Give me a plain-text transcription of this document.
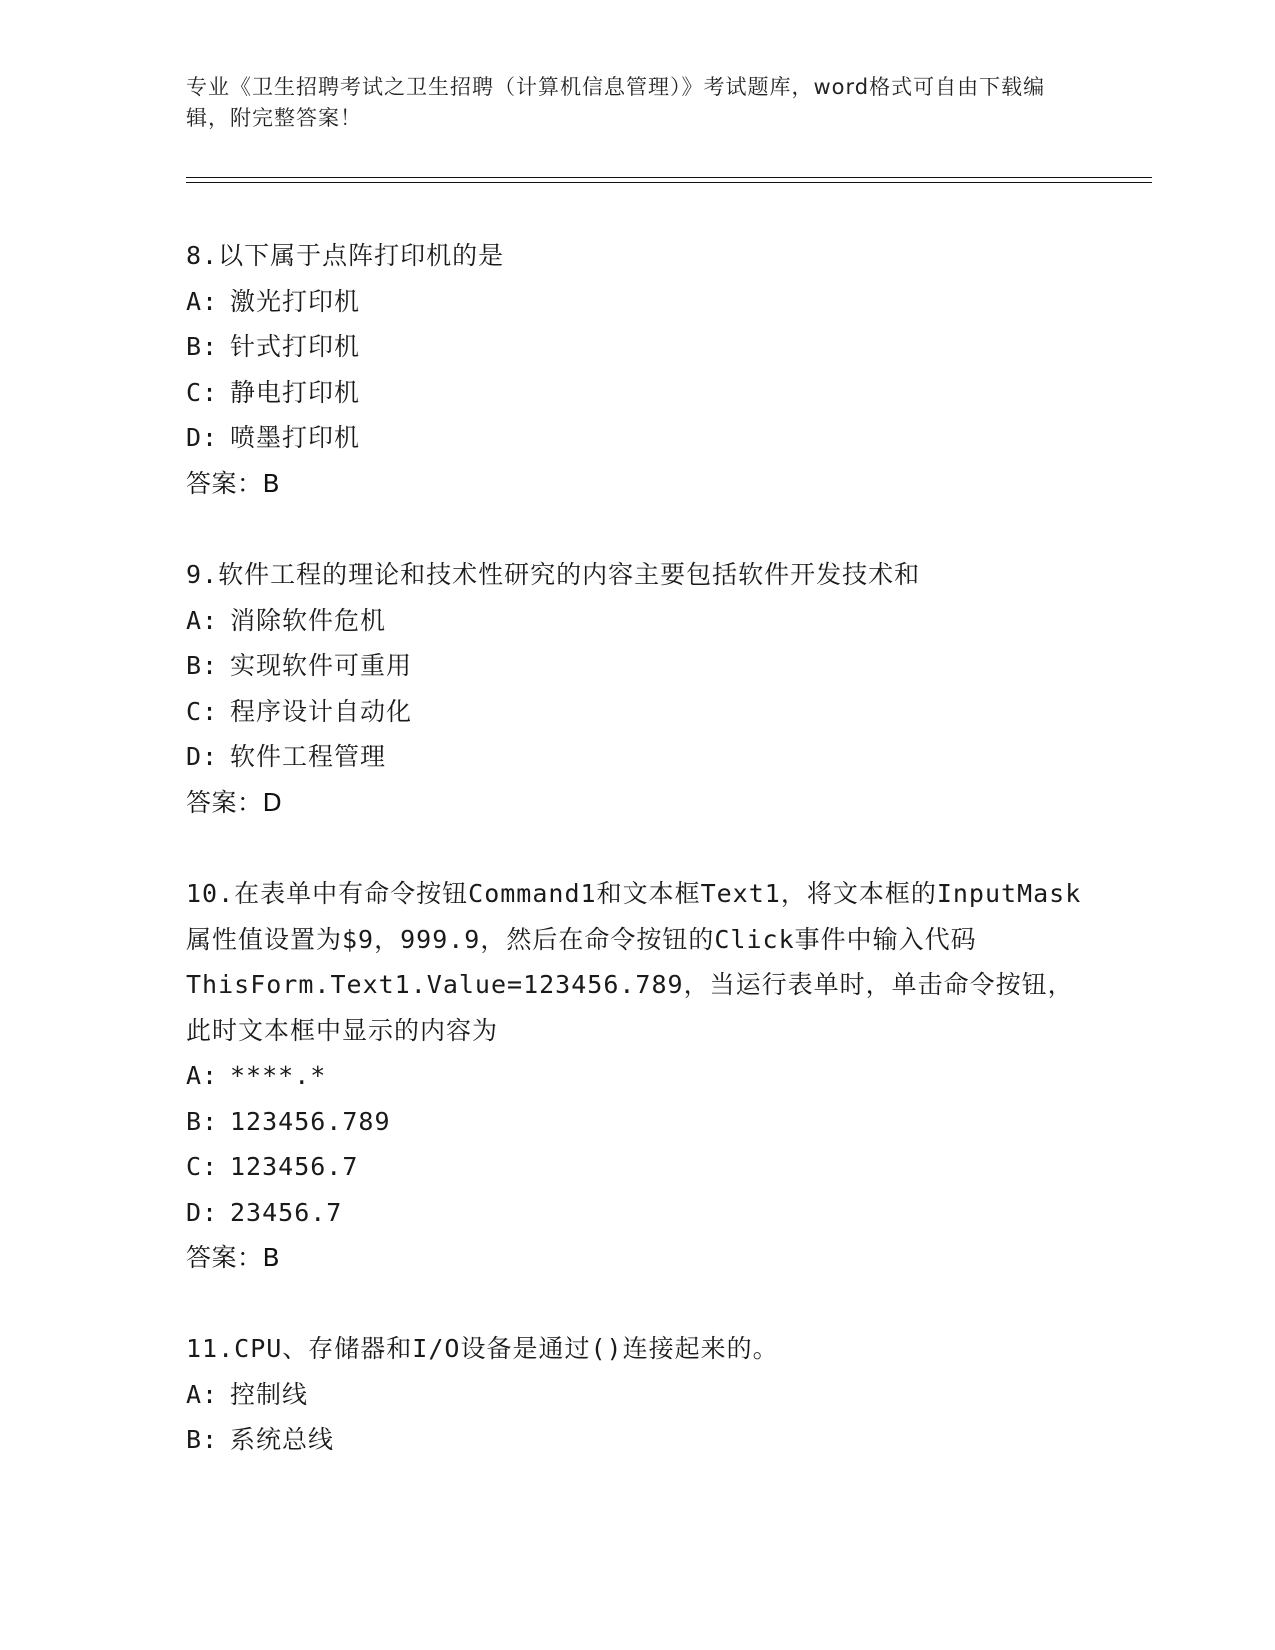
专业《卫生招聘考试之卫生招聘（计算机信息管理）》考试题库，word格式可自由下载编辑，附完整答案！
8.以下属于点阵打印机的是
A: 激光打印机
B: 针式打印机
C: 静电打印机
D: 喷墨打印机
答案：B
9.软件工程的理论和技术性研究的内容主要包括软件开发技术和
A: 消除软件危机
B: 实现软件可重用
C: 程序设计自动化
D: 软件工程管理
答案：D
10.在表单中有命令按钮Command1和文本框Text1，将文本框的InputMask属性值设置为$9，999.9，然后在命令按钮的Click事件中输入代码ThisForm.Text1.Value=123456.789，当运行表单时，单击命令按钮，此时文本框中显示的内容为
A: ****.*
B: 123456.789
C: 123456.7
D: 23456.7
答案：B
11.CPU、存储器和I/O设备是通过()连接起来的。
A: 控制线
B: 系统总线
